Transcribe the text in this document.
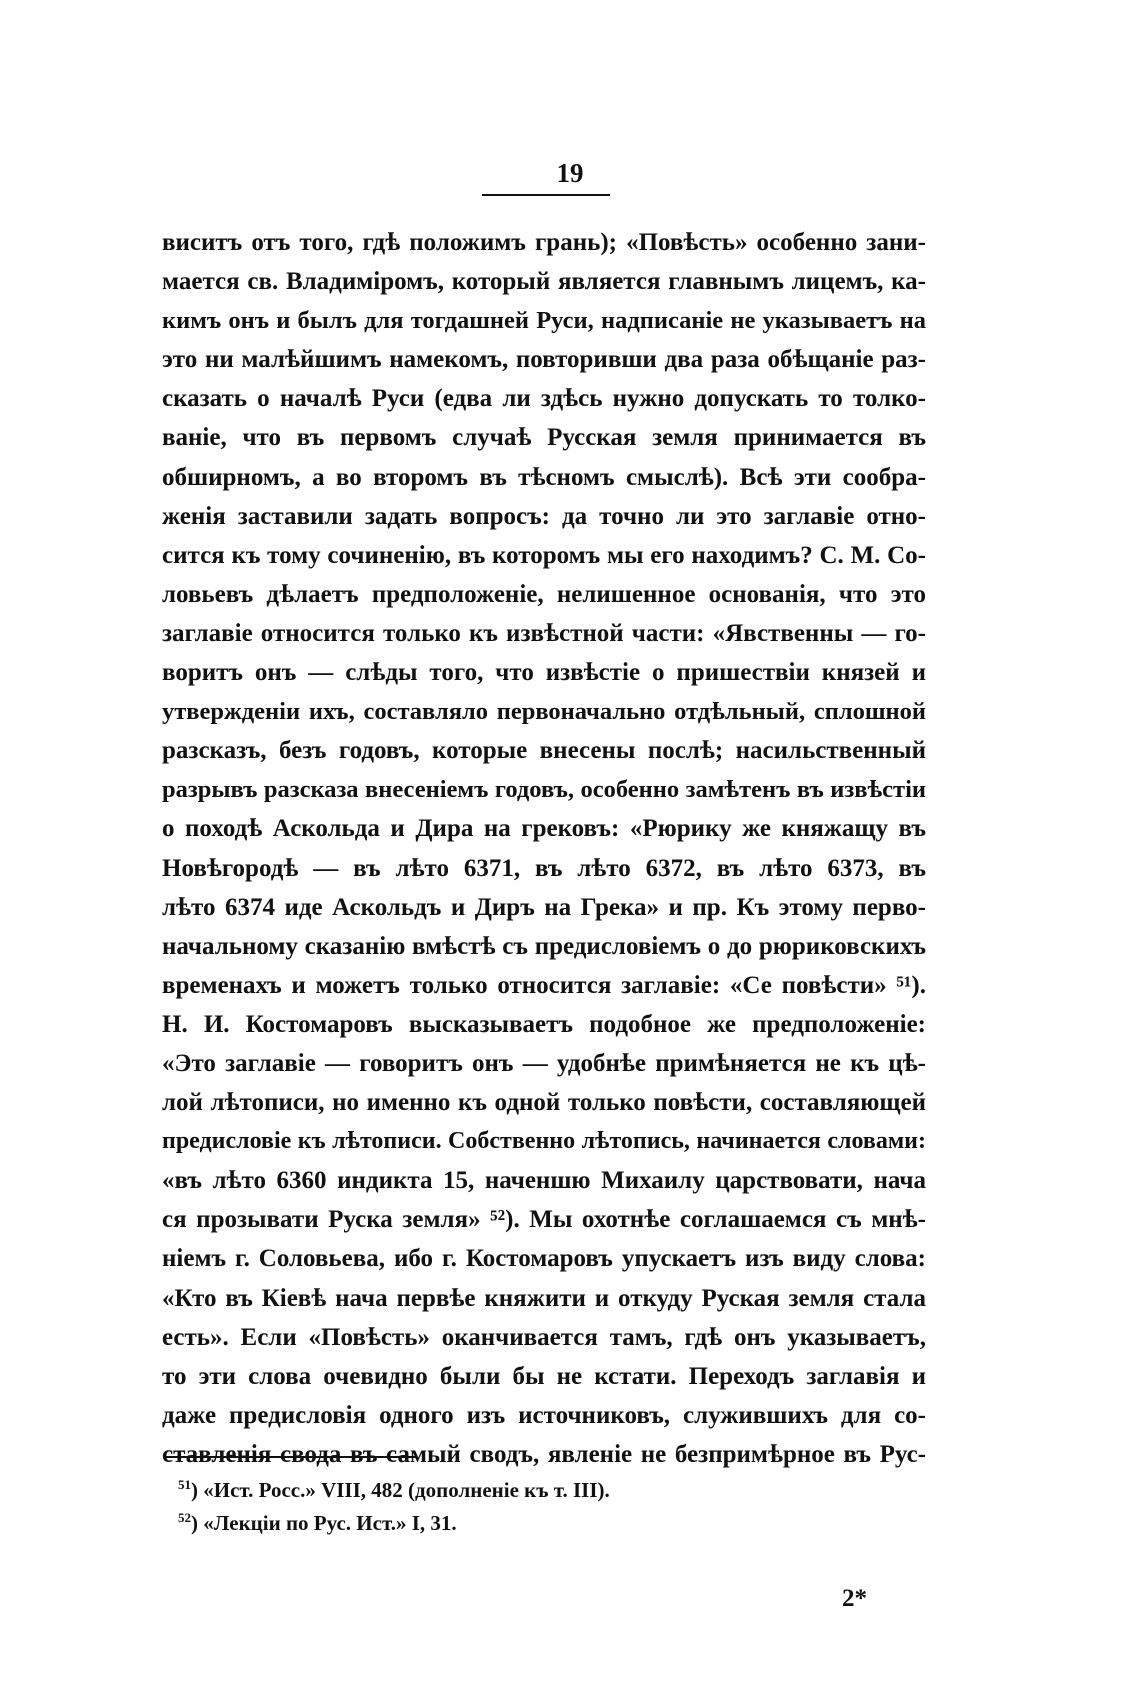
19
виситъ отъ того, гдѣ положимъ грань); «Повѣсть» особенно зани-
мается св. Владиміромъ, который является главнымъ лицемъ, ка-
кимъ онъ и былъ для тогдашней Руси, надписаніе не указываетъ на
это ни малѣйшимъ намекомъ, повторивши два раза обѣщаніе раз-
сказать о началѣ Руси (едва ли здѣсь нужно допускать то толко-
ваніе, что въ первомъ случаѣ Русская земля принимается въ
обширномъ, а во второмъ въ тѣсномъ смыслѣ). Всѣ эти сообра-
женія заставили задать вопросъ: да точно ли это заглавіе отно-
сится къ тому сочиненію, въ которомъ мы его находимъ? С. М. Со-
ловьевъ дѣлаетъ предположеніе, нелишенное основанія, что это
заглавіе относится только къ извѣстной части: «Явственны — го-
воритъ онъ — слѣды того, что извѣстіе о пришествіи князей и
утвержденіи ихъ, составляло первоначально отдѣльный, сплошной
разсказъ, безъ годовъ, которые внесены послѣ; насильственный
разрывъ разсказа внесеніемъ годовъ, особенно замѣтенъ въ извѣстіи
о походѣ Аскольда и Дира на грековъ: «Рюрику же княжащу въ
Новѣгородѣ — въ лѣто 6371, въ лѣто 6372, въ лѣто 6373, въ
лѣто 6374 иде Аскольдъ и Диръ на Грека» и пр. Къ этому перво-
начальному сказанію вмѣстѣ съ предисловіемъ о до рюриковскихъ
временахъ и можетъ только относится заглавіе: «Се повѣсти» ⁵¹).
Н. И. Костомаровъ высказываетъ подобное же предположеніе:
«Это заглавіе — говоритъ онъ — удобнѣе примѣняется не къ цѣ-
лой лѣтописи, но именно къ одной только повѣсти, составляющей
предисловіе къ лѣтописи. Собственно лѣтопись, начинается словами:
«въ лѣто 6360 индикта 15, наченшю Михаилу царствовати, нача
ся прозывати Руска земля» ⁵²). Мы охотнѣе соглашаемся съ мнѣ-
ніемъ г. Соловьева, ибо г. Костомаровъ упускаетъ изъ виду слова:
«Кто въ Кіевѣ нача первѣе княжити и откуду Руская земля стала
есть». Если «Повѣсть» оканчивается тамъ, гдѣ онъ указываетъ,
то эти слова очевидно были бы не кстати. Переходъ заглавія и
даже предисловія одного изъ источниковъ, служившихъ для со-
ставленія свода въ самый сводъ, явленіе не безпримѣрное въ Рус-
$^{51}$) «Ист. Росс.» VIII, 482 (дополненіе къ т. III).
$^{52}$) «Лекціи по Рус. Ист.» I, 31.
2*
